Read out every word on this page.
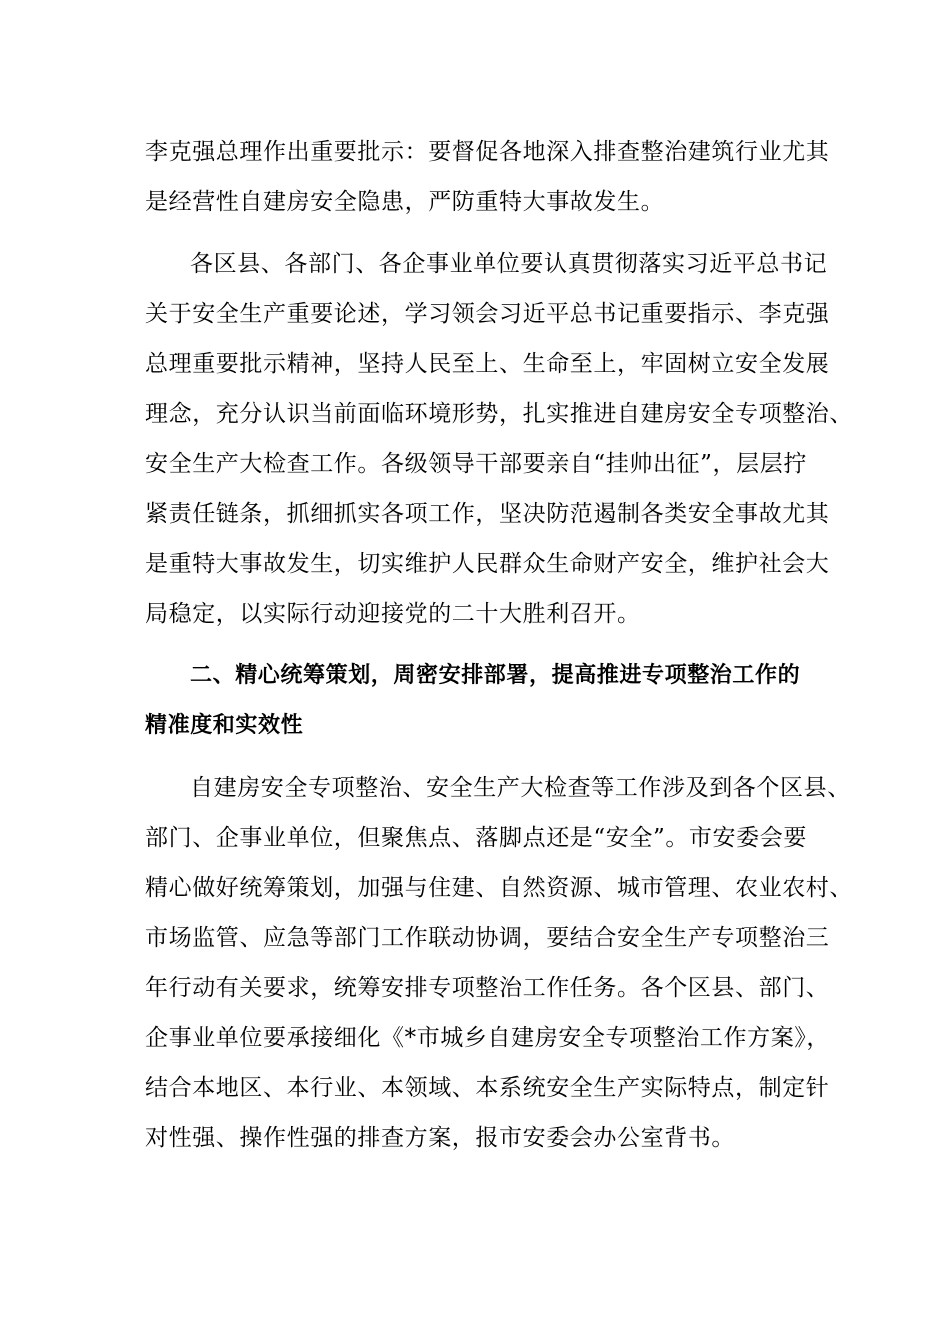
李克强总理作出重要批示：要督促各地深入排查整治建筑行业尤其
是经营性自建房安全隐患，严防重特大事故发生。
各区县、各部门、各企事业单位要认真贯彻落实习近平总书记
关于安全生产重要论述，学习领会习近平总书记重要指示、李克强
总理重要批示精神，坚持人民至上、生命至上，牢固树立安全发展
理念，充分认识当前面临环境形势，扎实推进自建房安全专项整治、
安全生产大检查工作。各级领导干部要亲自“挂帅出征”，层层拧
紧责任链条，抓细抓实各项工作，坚决防范遏制各类安全事故尤其
是重特大事故发生，切实维护人民群众生命财产安全，维护社会大
局稳定，以实际行动迎接党的二十大胜利召开。
二、精心统筹策划，周密安排部署，提高推进专项整治工作的
精准度和实效性
自建房安全专项整治、安全生产大检查等工作涉及到各个区县、
部门、企事业单位，但聚焦点、落脚点还是“安全”。市安委会要
精心做好统筹策划，加强与住建、自然资源、城市管理、农业农村、
市场监管、应急等部门工作联动协调，要结合安全生产专项整治三
年行动有关要求，统筹安排专项整治工作任务。各个区县、部门、
企事业单位要承接细化《*市城乡自建房安全专项整治工作方案》，
结合本地区、本行业、本领域、本系统安全生产实际特点，制定针
对性强、操作性强的排查方案，报市安委会办公室背书。
